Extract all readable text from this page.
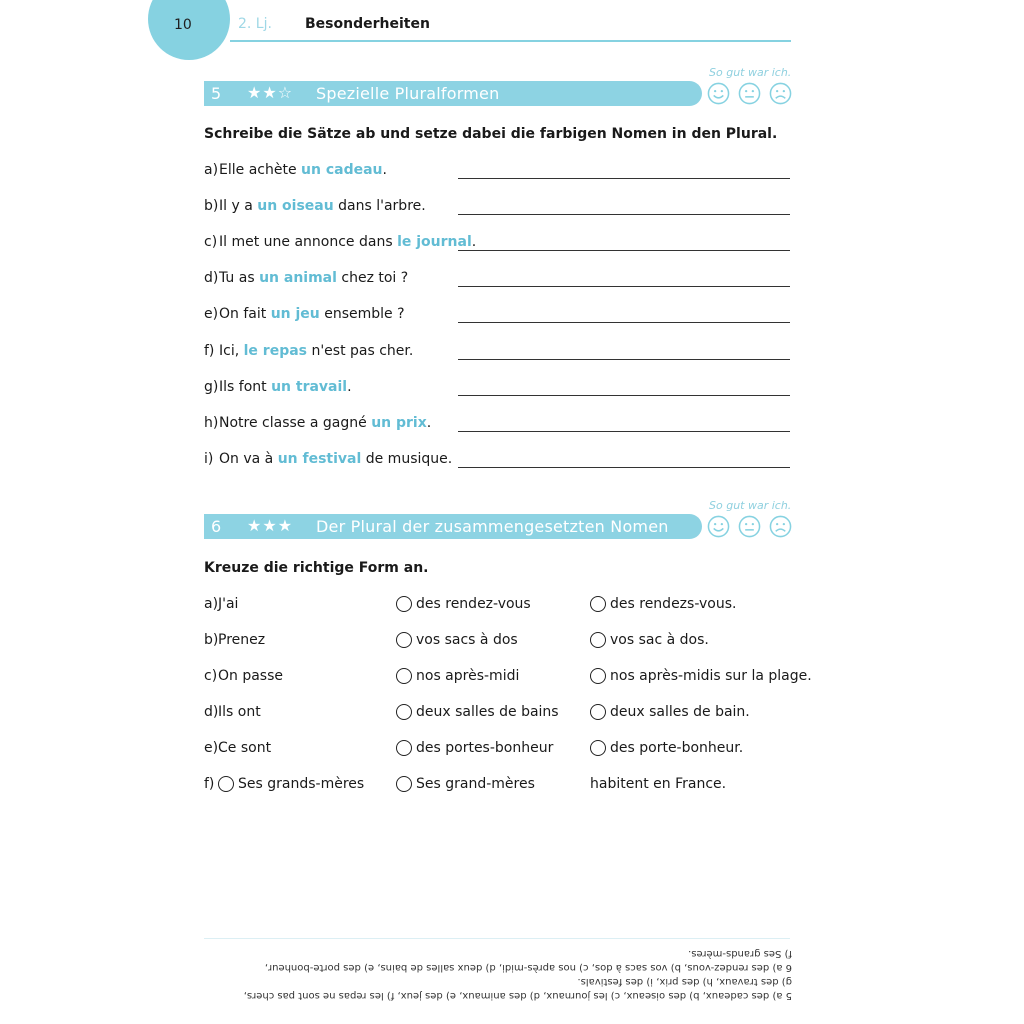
10	2. Lj. Besonderheiten
So gut war ich.
5 ★★☆ Spezielle Pluralformen
Schreibe die Sätze ab und setze dabei die farbigen Nomen in den Plural.
a) Elle achète un cadeau.
b) Il y a un oiseau dans l'arbre.
c) Il met une annonce dans le journal.
d) Tu as un animal chez toi ?
e) On fait un jeu ensemble ?
f) Ici, le repas n'est pas cher.
g) Ils font un travail.
h) Notre classe a gagné un prix.
i) On va à un festival de musique.
So gut war ich.
6 ★★★ Der Plural der zusammengesetzten Nomen
Kreuze die richtige Form an.
a) J'ai	des rendez-vous	des rendezs-vous.
b) Prenez	vos sacs à dos	vos sac à dos.
c) On passe	nos après-midi	nos après-midis sur la plage.
d) Ils ont	deux salles de bains	deux salles de bain.
e) Ce sont	des portes-bonheur	des porte-bonheur.
f) Ses grands-mères	Ses grand-mères	habitent en France.
5 a) des cadeaux, b) des oiseaux, c) les journaux, d) des animaux, e) des jeux, f) les repas ne sont pas chers,
g) des travaux, h) des prix, i) des festivals.
6 a) des rendez-vous, b) vos sacs à dos, c) nos après-midi, d) deux salles de bains, e) des porte-bonheur,
f) Ses grands-mères.
